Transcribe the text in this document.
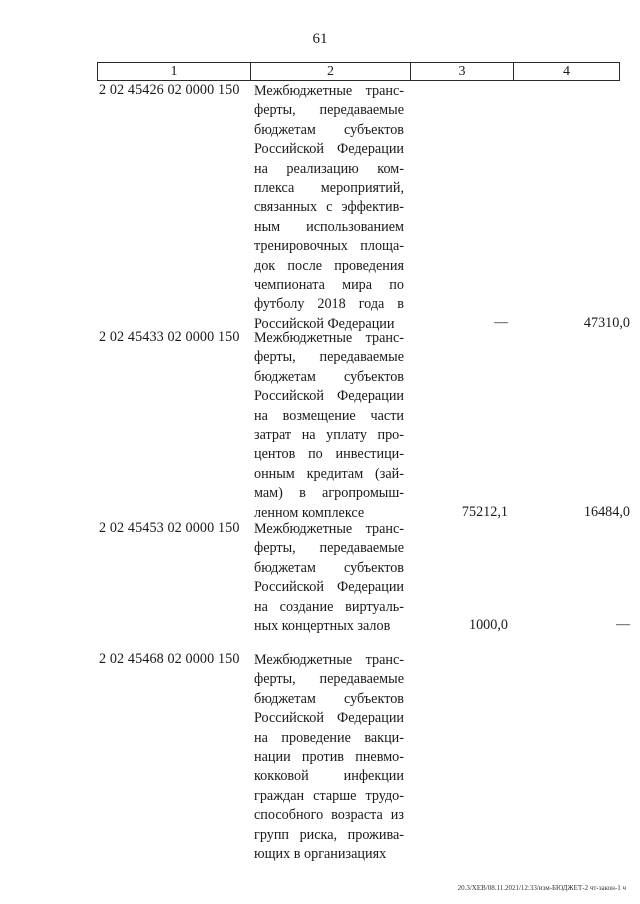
61
1	2	3	4
2 02 45426 02 0000 150 Межбюджетные транс-
ферты, передаваемые
бюджетам субъектов
Российской Федерации
на реализацию ком-
плекса мероприятий,
связанных с эффектив-
ным использованием
тренировочных площа-
док после проведения
чемпионата мира по
футболу 2018 года в
Российской Федерации	—	47310,0
2 02 45433 02 0000 150 Межбюджетные транс-
ферты, передаваемые
бюджетам субъектов
Российской Федерации
на возмещение части
затрат на уплату про-
центов по инвестици-
онным кредитам (зай-
мам) в агропромыш-
ленном комплексе	75212,1	16484,0
2 02 45453 02 0000 150 Межбюджетные транс-
ферты, передаваемые
бюджетам субъектов
Российской Федерации
на создание виртуаль-
ных концертных залов	1000,0	—
2 02 45468 02 0000 150 Межбюджетные транс-
ферты, передаваемые
бюджетам субъектов
Российской Федерации
на проведение вакци-
нации против пневмо-
кокковой инфекции
граждан старше трудо-
способного возраста из
групп риска, прожива-
ющих в организациях
20.3/ХЕВ/08.11.2021/12:33/изм-БЮДЖЕТ-2 чт-закон-1 ч
